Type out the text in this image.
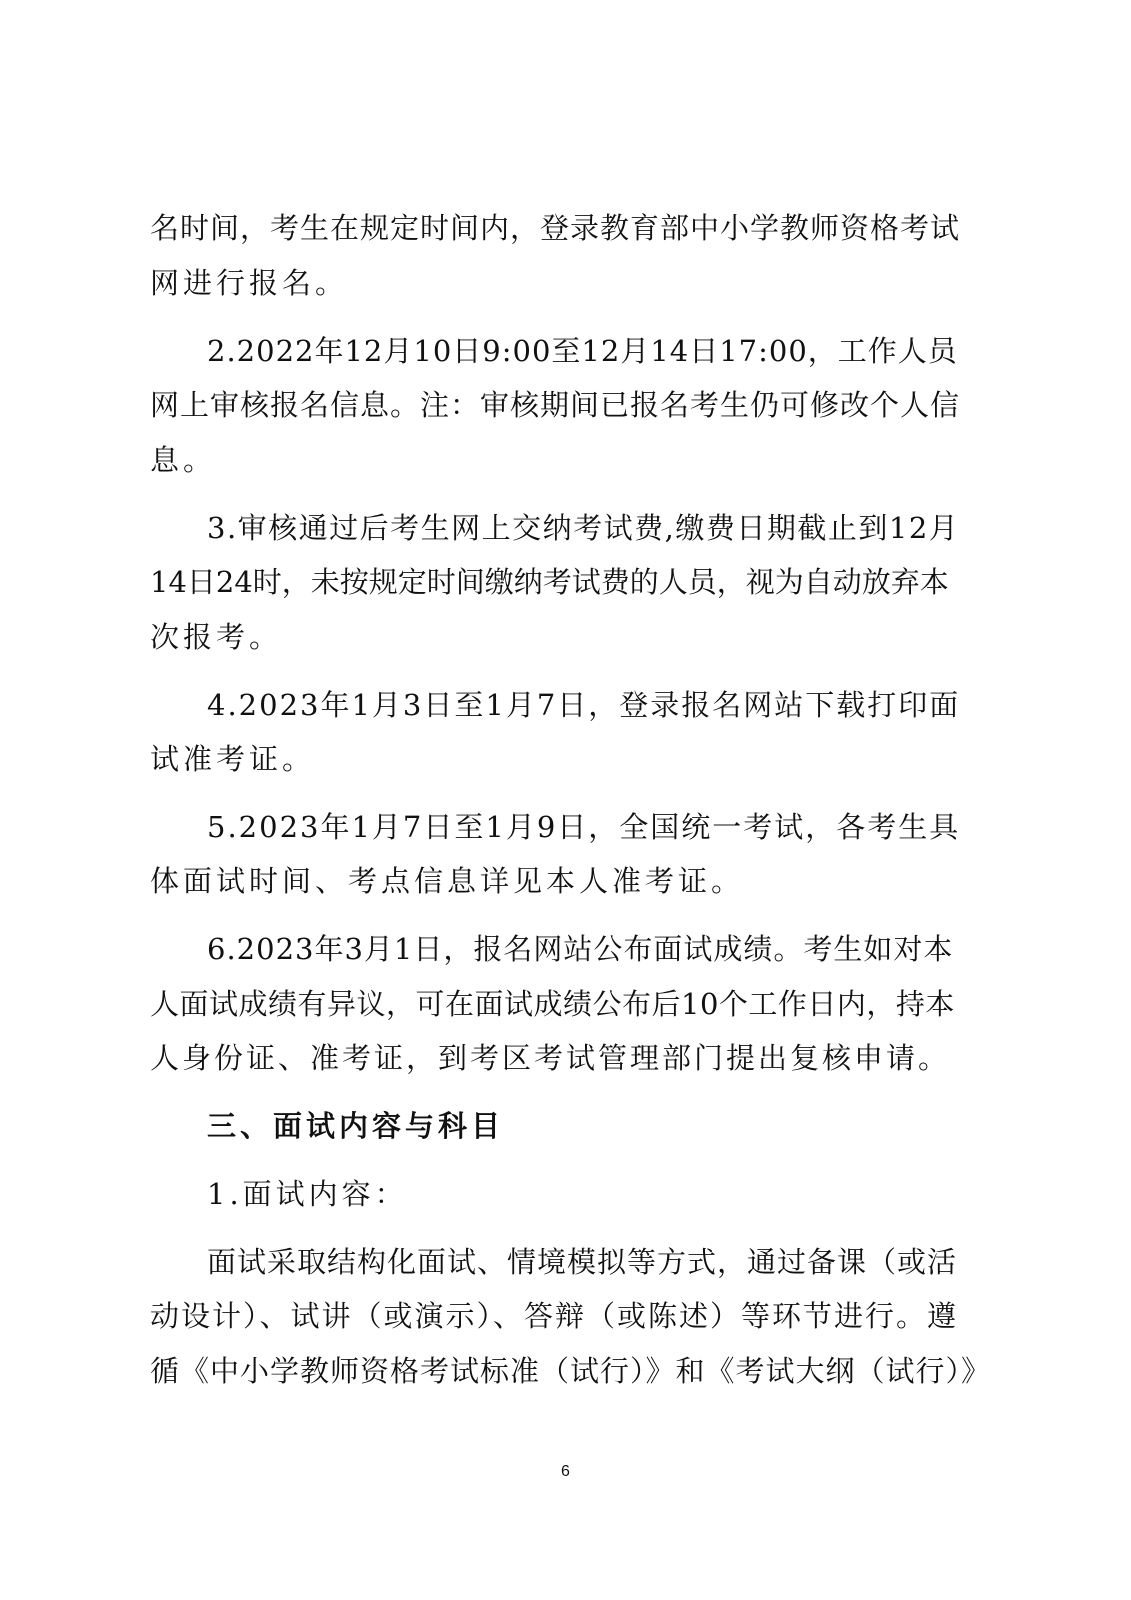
名时间，考生在规定时间内，登录教育部中小学教师资格考试
网进行报名。
2.2022年12月10日9:00至12月14日17:00，工作人员
网上审核报名信息。注：审核期间已报名考生仍可修改个人信
息。
3.审核通过后考生网上交纳考试费,缴费日期截止到12月
14日24时，未按规定时间缴纳考试费的人员，视为自动放弃本
次报考。
4.2023年1月3日至1月7日，登录报名网站下载打印面
试准考证。
5.2023年1月7日至1月9日，全国统一考试，各考生具
体面试时间、考点信息详见本人准考证。
6.2023年3月1日，报名网站公布面试成绩。考生如对本
人面试成绩有异议，可在面试成绩公布后10个工作日内，持本
人身份证、准考证，到考区考试管理部门提出复核申请。
三、面试内容与科目
1.面试内容：
面试采取结构化面试、情境模拟等方式，通过备课（或活
动设计）、试讲（或演示）、答辩（或陈述）等环节进行。遵
循《中小学教师资格考试标准（试行）》和《考试大纲（试行）》
6
